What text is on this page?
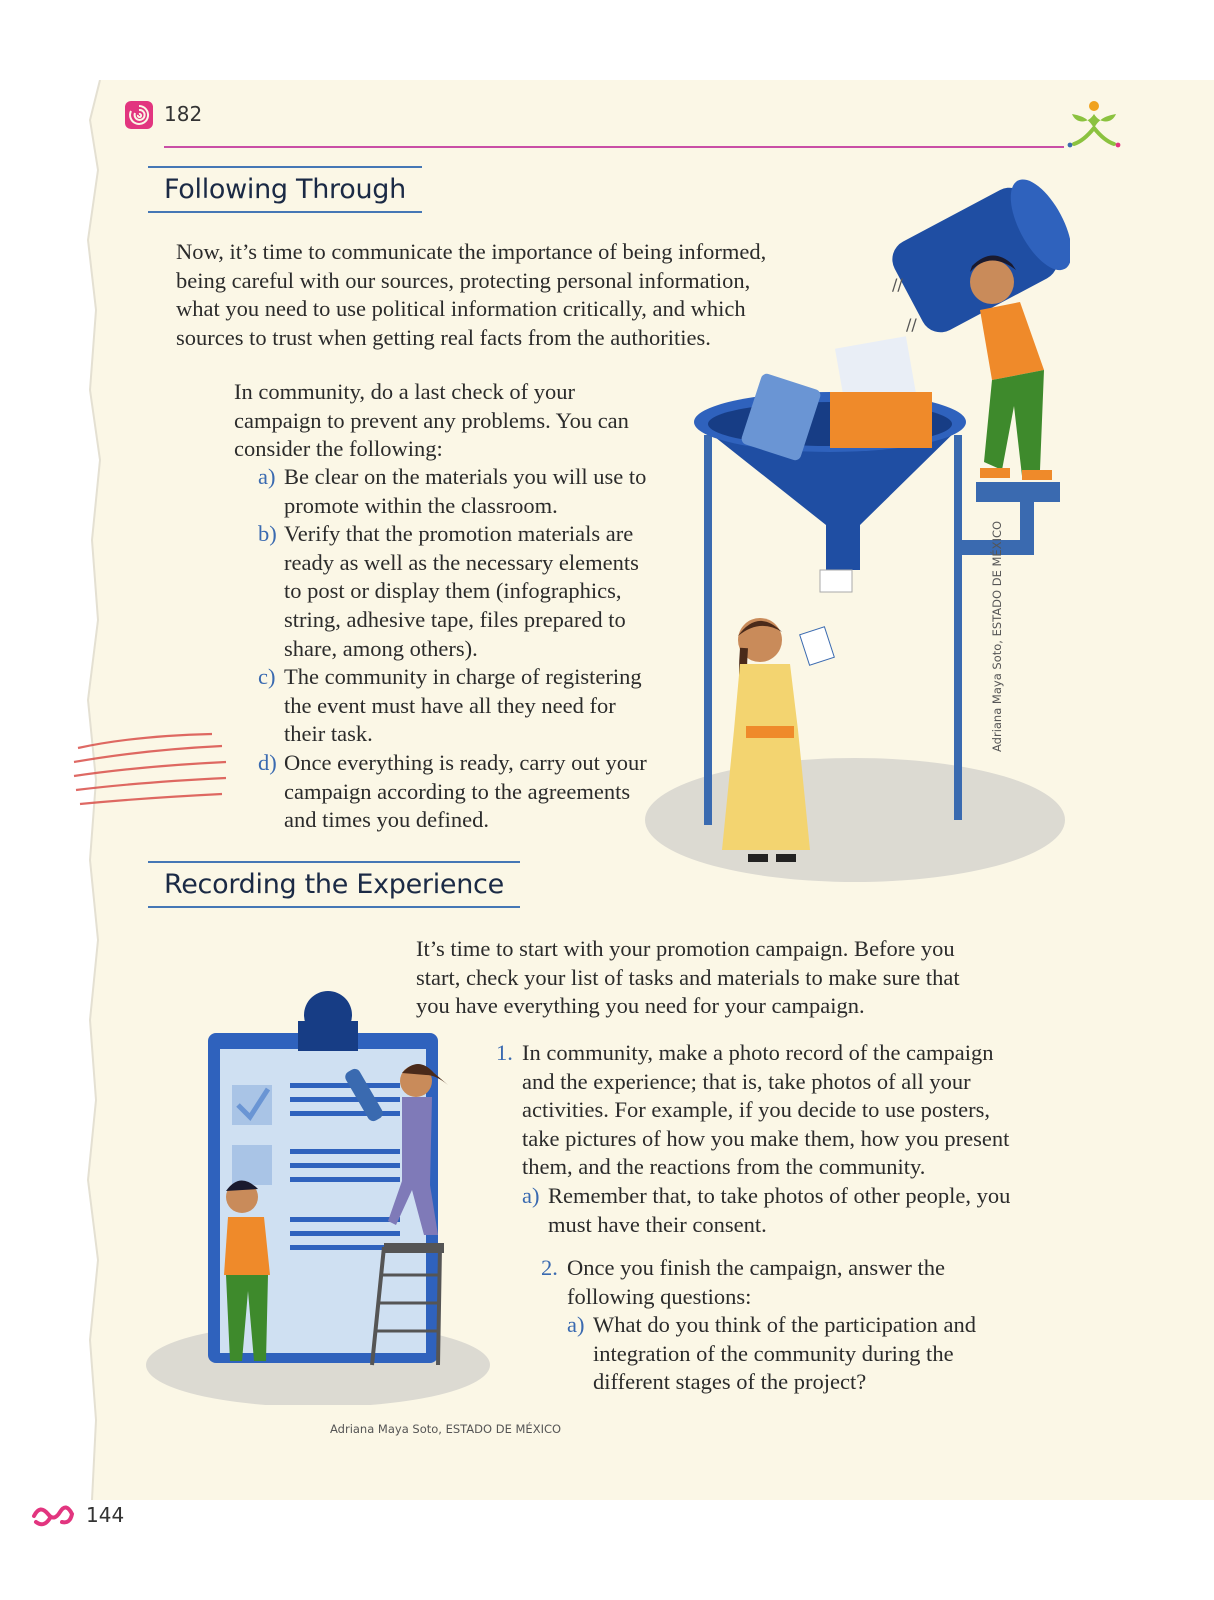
182
Following Through

Now, it’s time to communicate the importance of being informed, being careful with our sources, protecting personal information, what you need to use political information critically, and which sources to trust when getting real facts from the authorities.

In community, do a last check of your campaign to prevent any problems. You can consider the following:

a) Be clear on the materials you will use to promote within the classroom.
b) Verify that the promotion materials are ready as well as the necessary elements to post or display them (infographics, string, adhesive tape, files prepared to share, among others).
c) The community in charge of registering the event must have all they need for their task.
d) Once everything is ready, carry out your campaign according to the agreements and times you defined.
//
//
Adriana Maya Soto, ESTADO DE MÉXICO
Recording the Experience

It’s time to start with your promotion campaign. Before you start, check your list of tasks and materials to make sure that you have everything you need for your campaign.

1. In community, make a photo record of the campaign and the experience; that is, take photos of all your activities. For example, if you decide to use posters, take pictures of how you make them, how you present them, and the reactions from the community.
a) Remember that, to take photos of other people, you must have their consent.
2. Once you finish the campaign, answer the following questions:
a) What do you think of the participation and integration of the community during the different stages of the project?
Adriana Maya Soto, ESTADO DE MÉXICO
144
